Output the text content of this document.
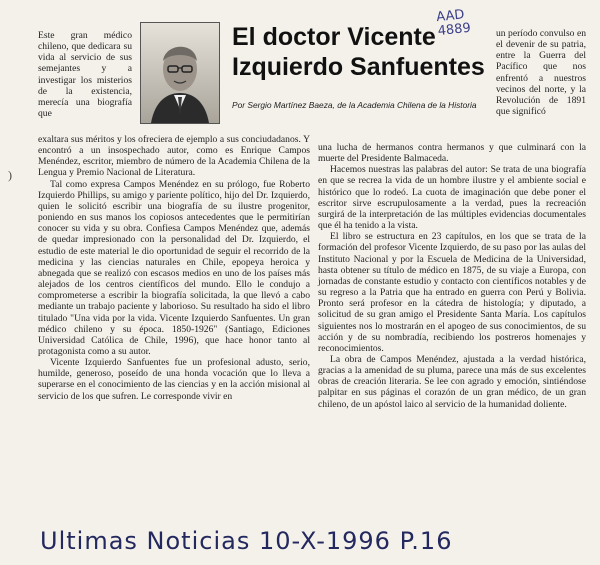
El doctor Vicente Izquierdo Sanfuentes
Por Sergio Martínez Baeza, de la Academia Chilena de la Historia
AAD
4889
)

Este gran médico chileno, que dedicara su vida al servicio de sus semejantes y a investigar los misterios de la existencia, merecía una biografía que

exaltara sus méritos y los ofreciera de ejemplo a sus conciudadanos. Y encontró a un insospechado autor, como es Enrique Campos Menéndez, escritor, miembro de número de la Academia Chilena de la Lengua y Premio Nacional de Literatura.

Tal como expresa Campos Menéndez en su prólogo, fue Roberto Izquierdo Phillips, su amigo y pariente político, hijo del Dr. Izquierdo, quien le solicitó escribir una biografía de su ilustre progenitor, poniendo en sus manos los copiosos antecedentes que le permitirían conocer su vida y su obra. Confiesa Campos Menéndez que, además de quedar impresionado con la personalidad del Dr. Izquierdo, el estudio de este material le dio oportunidad de seguir el recorrido de la medicina y las ciencias naturales en Chile, epopeya heroica y abnegada que se realizó con escasos medios en uno de los países más alejados de los centros científicos del mundo. Ello le condujo a comprometerse a escribir la biografía solicitada, la que llevó a cabo mediante un trabajo paciente y laborioso. Su resultado ha sido el libro titulado "Una vida por la vida. Vicente Izquierdo Sanfuentes. Un gran médico chileno y su época. 1850-1926" (Santiago, Ediciones Universidad Católica de Chile, 1996), que hace honor tanto al protagonista como a su autor.

Vicente Izquierdo Sanfuentes fue un profesional adusto, serio, humilde, generoso, poseído de una honda vocación que lo lleva a superarse en el conocimiento de las ciencias y en la acción misional al servicio de los que sufren. Le corresponde vivir en

un período convulso en el devenir de su patria, entre la Guerra del Pacífico que nos enfrentó a nuestros vecinos del norte, y la Revolución de 1891 que significó

una lucha de hermanos contra hermanos y que culminará con la muerte del Presidente Balmaceda.

Hacemos nuestras las palabras del autor: Se trata de una biografía en que se recrea la vida de un hombre ilustre y el ambiente social e histórico que lo rodeó. La cuota de imaginación que debe poner el escritor sirve escrupulosamente a la verdad, pues la recreación surgirá de la interpretación de las múltiples evidencias documentales que él ha tenido a la vista.

El libro se estructura en 23 capítulos, en los que se trata de la formación del profesor Vicente Izquierdo, de su paso por las aulas del Instituto Nacional y por la Escuela de Medicina de la Universidad, hasta obtener su título de médico en 1875, de su viaje a Europa, con jornadas de constante estudio y contacto con científicos notables y de su regreso a la Patria que ha entrado en guerra con Perú y Bolivia. Pronto será profesor en la cátedra de histología; y diputado, a solicitud de su gran amigo el Presidente Santa María. Los capítulos siguientes nos lo mostrarán en el apogeo de sus conocimientos, de su acción y de su nombradía, recibiendo los postreros homenajes y reconocimientos.

La obra de Campos Menéndez, ajustada a la verdad histórica, gracias a la amenidad de su pluma, parece una más de sus excelentes obras de creación literaria. Se lee con agrado y emoción, sintiéndose palpitar en sus páginas el corazón de un gran médico, de un gran chileno, de un apóstol laico al servicio de la humanidad doliente.

Ultimas Noticias 10-X-1996 P.16
